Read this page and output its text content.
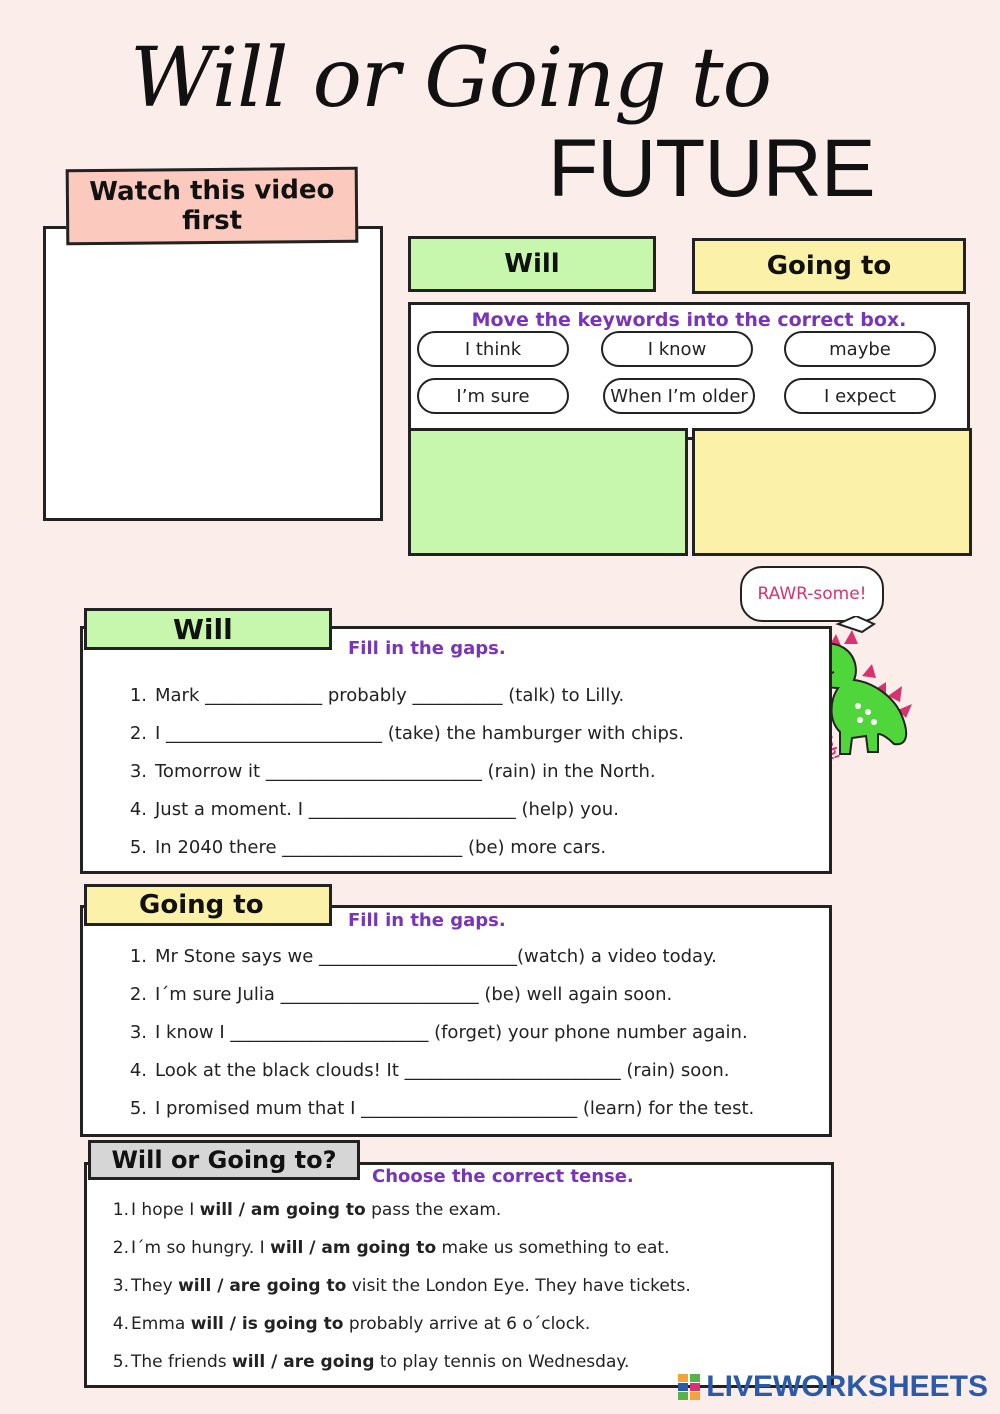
Will or Going to
FUTURE
Watch this video first
Will	Going to
Move the keywords into the correct box.
I think	I know	maybe
I’m sure	When I’m older	I expect
RAWR-some!
1. Mark _____________ probably __________ (talk) to Lilly.
2. I ________________________ (take) the hamburger with chips.
3. Tomorrow it ________________________ (rain) in the North.
4. Just a moment. I _______________________ (help) you.
5. In 2040 there ____________________ (be) more cars.
Will
Fill in the gaps.
1. Mr Stone says we ______________________(watch) a video today.
2. I´m sure Julia ______________________ (be) well again soon.
3. I know I ______________________ (forget) your phone number again.
4. Look at the black clouds! It ________________________ (rain) soon.
5. I promised mum that I ________________________ (learn) for the test.
Going to
Fill in the gaps.
1. I hope I will / am going to pass the exam.
2. I´m so hungry. I will / am going to make us something to eat.
3. They will / are going to visit the London Eye. They have tickets.
4. Emma will / is going to probably arrive at 6 o´clock.
5. The friends will / are going to play tennis on Wednesday.
Will or Going to?
Choose the correct tense.
LIVEWORKSHEETS
